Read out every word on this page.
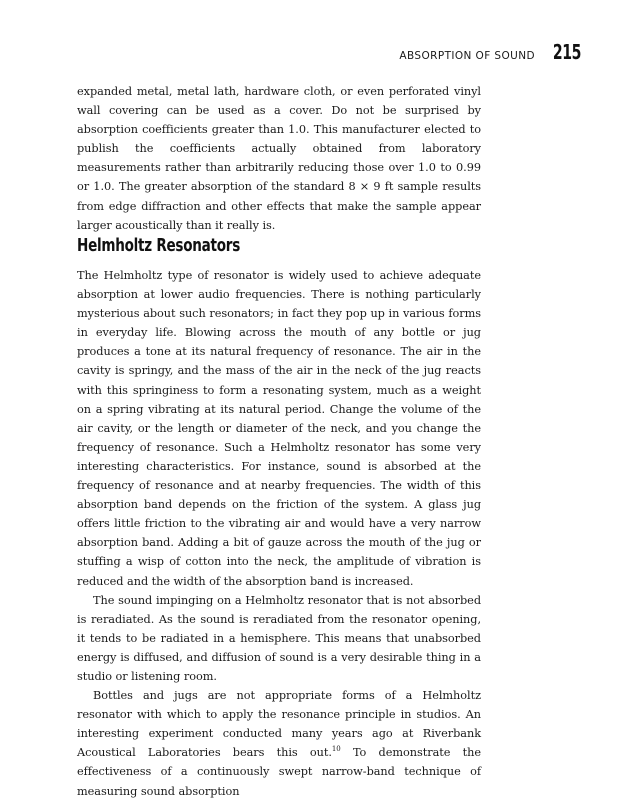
ABSORPTION OF SOUND 215

expanded metal, metal lath, hardware cloth, or even perforated vinyl wall covering can be used as a cover. Do not be surprised by absorption coefficients greater than 1.0. This manufacturer elected to publish the coefficients actually obtained from laboratory measurements rather than arbitrarily reducing those over 1.0 to 0.99 or 1.0. The greater absorption of the standard 8 × 9 ft sample results from edge diffraction and other effects that make the sample appear larger acoustically than it really is.

Helmholtz Resonators

The Helmholtz type of resonator is widely used to achieve adequate absorption at lower audio frequencies. There is nothing particularly mysterious about such resonators; in fact they pop up in various forms in everyday life. Blowing across the mouth of any bottle or jug produces a tone at its natural frequency of resonance. The air in the cavity is springy, and the mass of the air in the neck of the jug reacts with this springiness to form a resonating system, much as a weight on a spring vibrating at its natural period. Change the volume of the air cavity, or the length or diameter of the neck, and you change the frequency of resonance. Such a Helmholtz resonator has some very interesting characteristics. For instance, sound is absorbed at the frequency of resonance and at nearby frequencies. The width of this absorption band depends on the friction of the system. A glass jug offers little friction to the vibrating air and would have a very narrow absorption band. Adding a bit of gauze across the mouth of the jug or stuffing a wisp of cotton into the neck, the amplitude of vibration is reduced and the width of the absorption band is increased.

The sound impinging on a Helmholtz resonator that is not absorbed is reradiated. As the sound is reradiated from the resonator opening, it tends to be radiated in a hemisphere. This means that unabsorbed energy is diffused, and diffusion of sound is a very desirable thing in a studio or listening room.

Bottles and jugs are not appropriate forms of a Helmholtz resonator with which to apply the resonance principle in studios. An interesting experiment conducted many years ago at Riverbank Acoustical Laboratories bears this out.$^{10}$ To demonstrate the effectiveness of a continuously swept narrow-band technique of measuring sound absorption
